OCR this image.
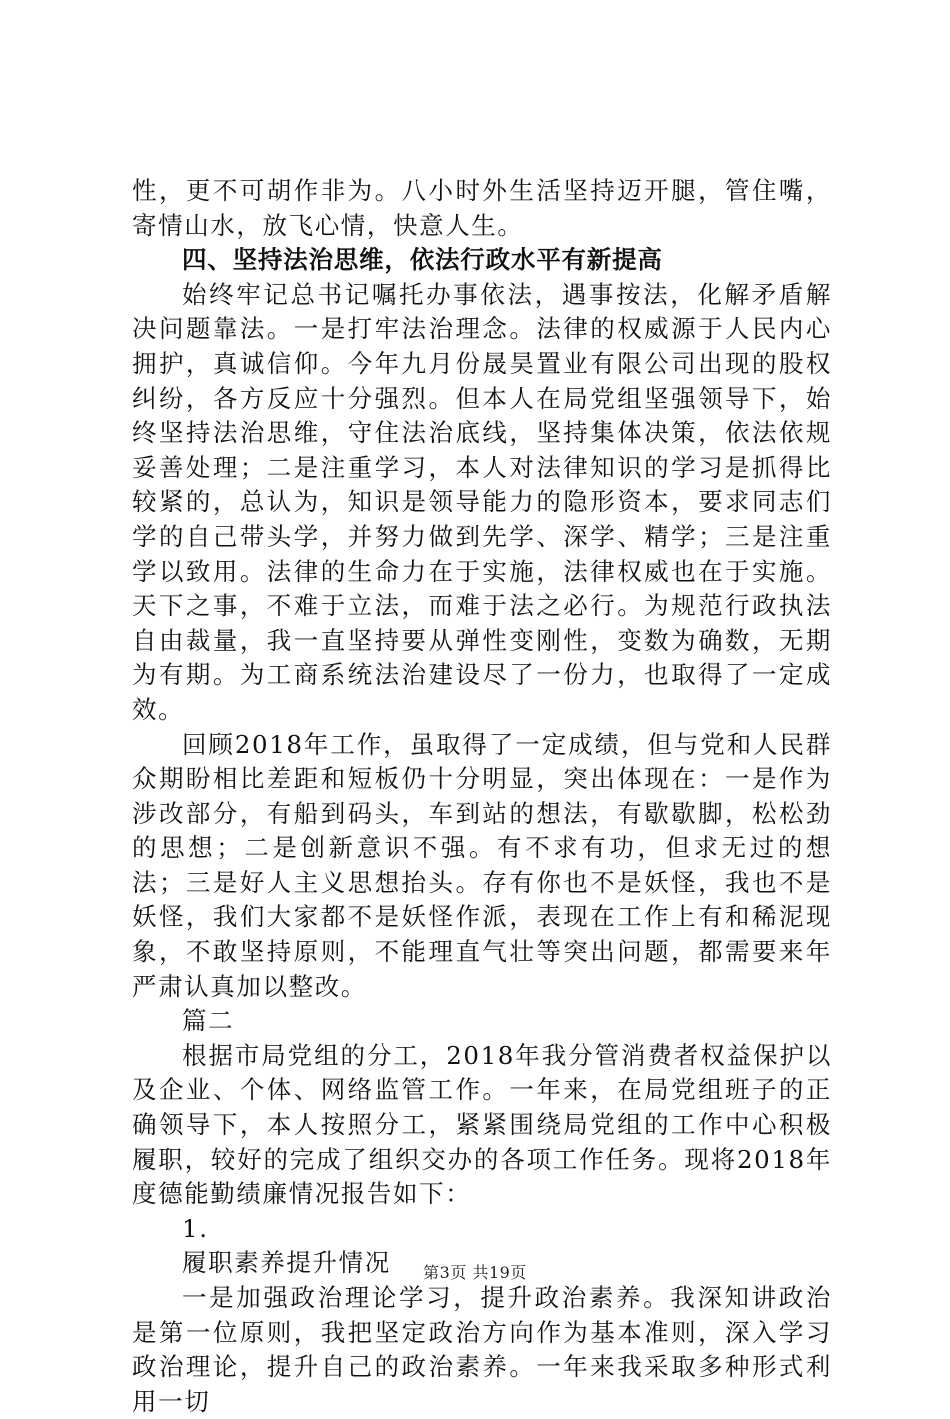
性，更不可胡作非为。八小时外生活坚持迈开腿，管住嘴，寄情山水，放飞心情，快意人生。

四、坚持法治思维，依法行政水平有新提高

始终牢记总书记嘱托办事依法，遇事按法，化解矛盾解决问题靠法。一是打牢法治理念。法律的权威源于人民内心拥护，真诚信仰。今年九月份晟昊置业有限公司出现的股权纠纷，各方反应十分强烈。但本人在局党组坚强领导下，始终坚持法治思维，守住法治底线，坚持集体决策，依法依规妥善处理；二是注重学习，本人对法律知识的学习是抓得比较紧的，总认为，知识是领导能力的隐形资本，要求同志们学的自己带头学，并努力做到先学、深学、精学；三是注重学以致用。法律的生命力在于实施，法律权威也在于实施。天下之事，不难于立法，而难于法之必行。为规范行政执法自由裁量，我一直坚持要从弹性变刚性，变数为确数，无期为有期。为工商系统法治建设尽了一份力，也取得了一定成效。

回顾2018年工作，虽取得了一定成绩，但与党和人民群众期盼相比差距和短板仍十分明显，突出体现在：一是作为涉改部分，有船到码头，车到站的想法，有歇歇脚，松松劲的思想；二是创新意识不强。有不求有功，但求无过的想法；三是好人主义思想抬头。存有你也不是妖怪，我也不是妖怪，我们大家都不是妖怪作派，表现在工作上有和稀泥现象，不敢坚持原则，不能理直气壮等突出问题，都需要来年严肃认真加以整改。

篇二

根据市局党组的分工，2018年我分管消费者权益保护以及企业、个体、网络监管工作。一年来，在局党组班子的正确领导下，本人按照分工，紧紧围绕局党组的工作中心积极履职，较好的完成了组织交办的各项工作任务。现将2018年度德能勤绩廉情况报告如下：

1.

履职素养提升情况

一是加强政治理论学习，提升政治素养。我深知讲政治是第一位原则，我把坚定政治方向作为基本准则，深入学习政治理论，提升自己的政治素养。一年来我采取多种形式利用一切

第3页 共19页
